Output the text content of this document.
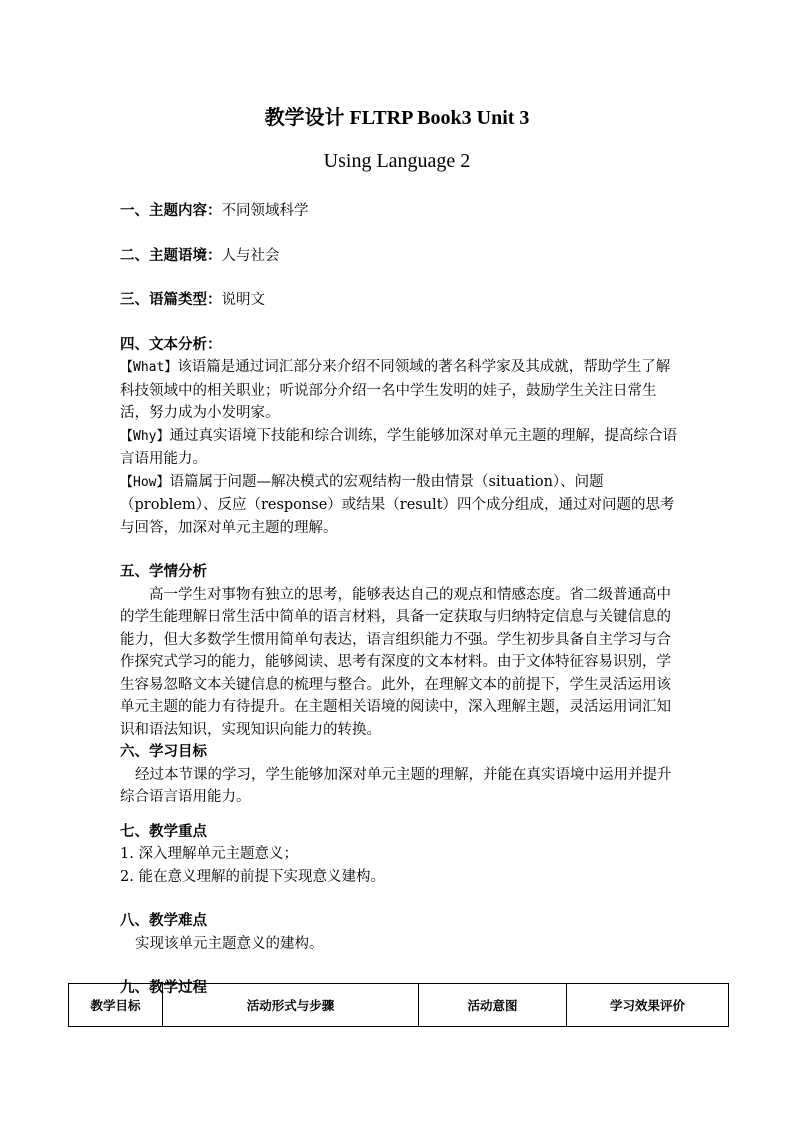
教学设计 FLTRP Book3 Unit 3
Using Language 2

一、主题内容：不同领域科学

二、主题语境：人与社会

三、语篇类型：说明文

四、文本分析：

【What】该语篇是通过词汇部分来介绍不同领域的著名科学家及其成就，帮助学生了解科技领域中的相关职业；听说部分介绍一名中学生发明的娃子，鼓励学生关注日常生活，努力成为小发明家。

【Why】通过真实语境下技能和综合训练，学生能够加深对单元主题的理解，提高综合语言语用能力。

【How】语篇属于问题—解决模式的宏观结构一般由情景（situation）、问题（problem）、反应（response）或结果（result）四个成分组成，通过对问题的思考与回答，加深对单元主题的理解。

五、学情分析

高一学生对事物有独立的思考，能够表达自己的观点和情感态度。省二级普通高中的学生能理解日常生活中简单的语言材料，具备一定获取与归纳特定信息与关键信息的能力，但大多数学生惯用简单句表达，语言组织能力不强。学生初步具备自主学习与合作探究式学习的能力，能够阅读、思考有深度的文本材料。由于文体特征容易识别，学生容易忽略文本关键信息的梳理与整合。此外，在理解文本的前提下，学生灵活运用该单元主题的能力有待提升。在主题相关语境的阅读中，深入理解主题，灵活运用词汇知识和语法知识，实现知识向能力的转换。

六、学习目标

经过本节课的学习，学生能够加深对单元主题的理解，并能在真实语境中运用并提升综合语言语用能力。

七、教学重点

1. 深入理解单元主题意义；

2. 能在意义理解的前提下实现意义建构。

八、教学难点

实现该单元主题意义的建构。

九、教学过程

教学目标	活动形式与步骤	活动意图	学习效果评价
